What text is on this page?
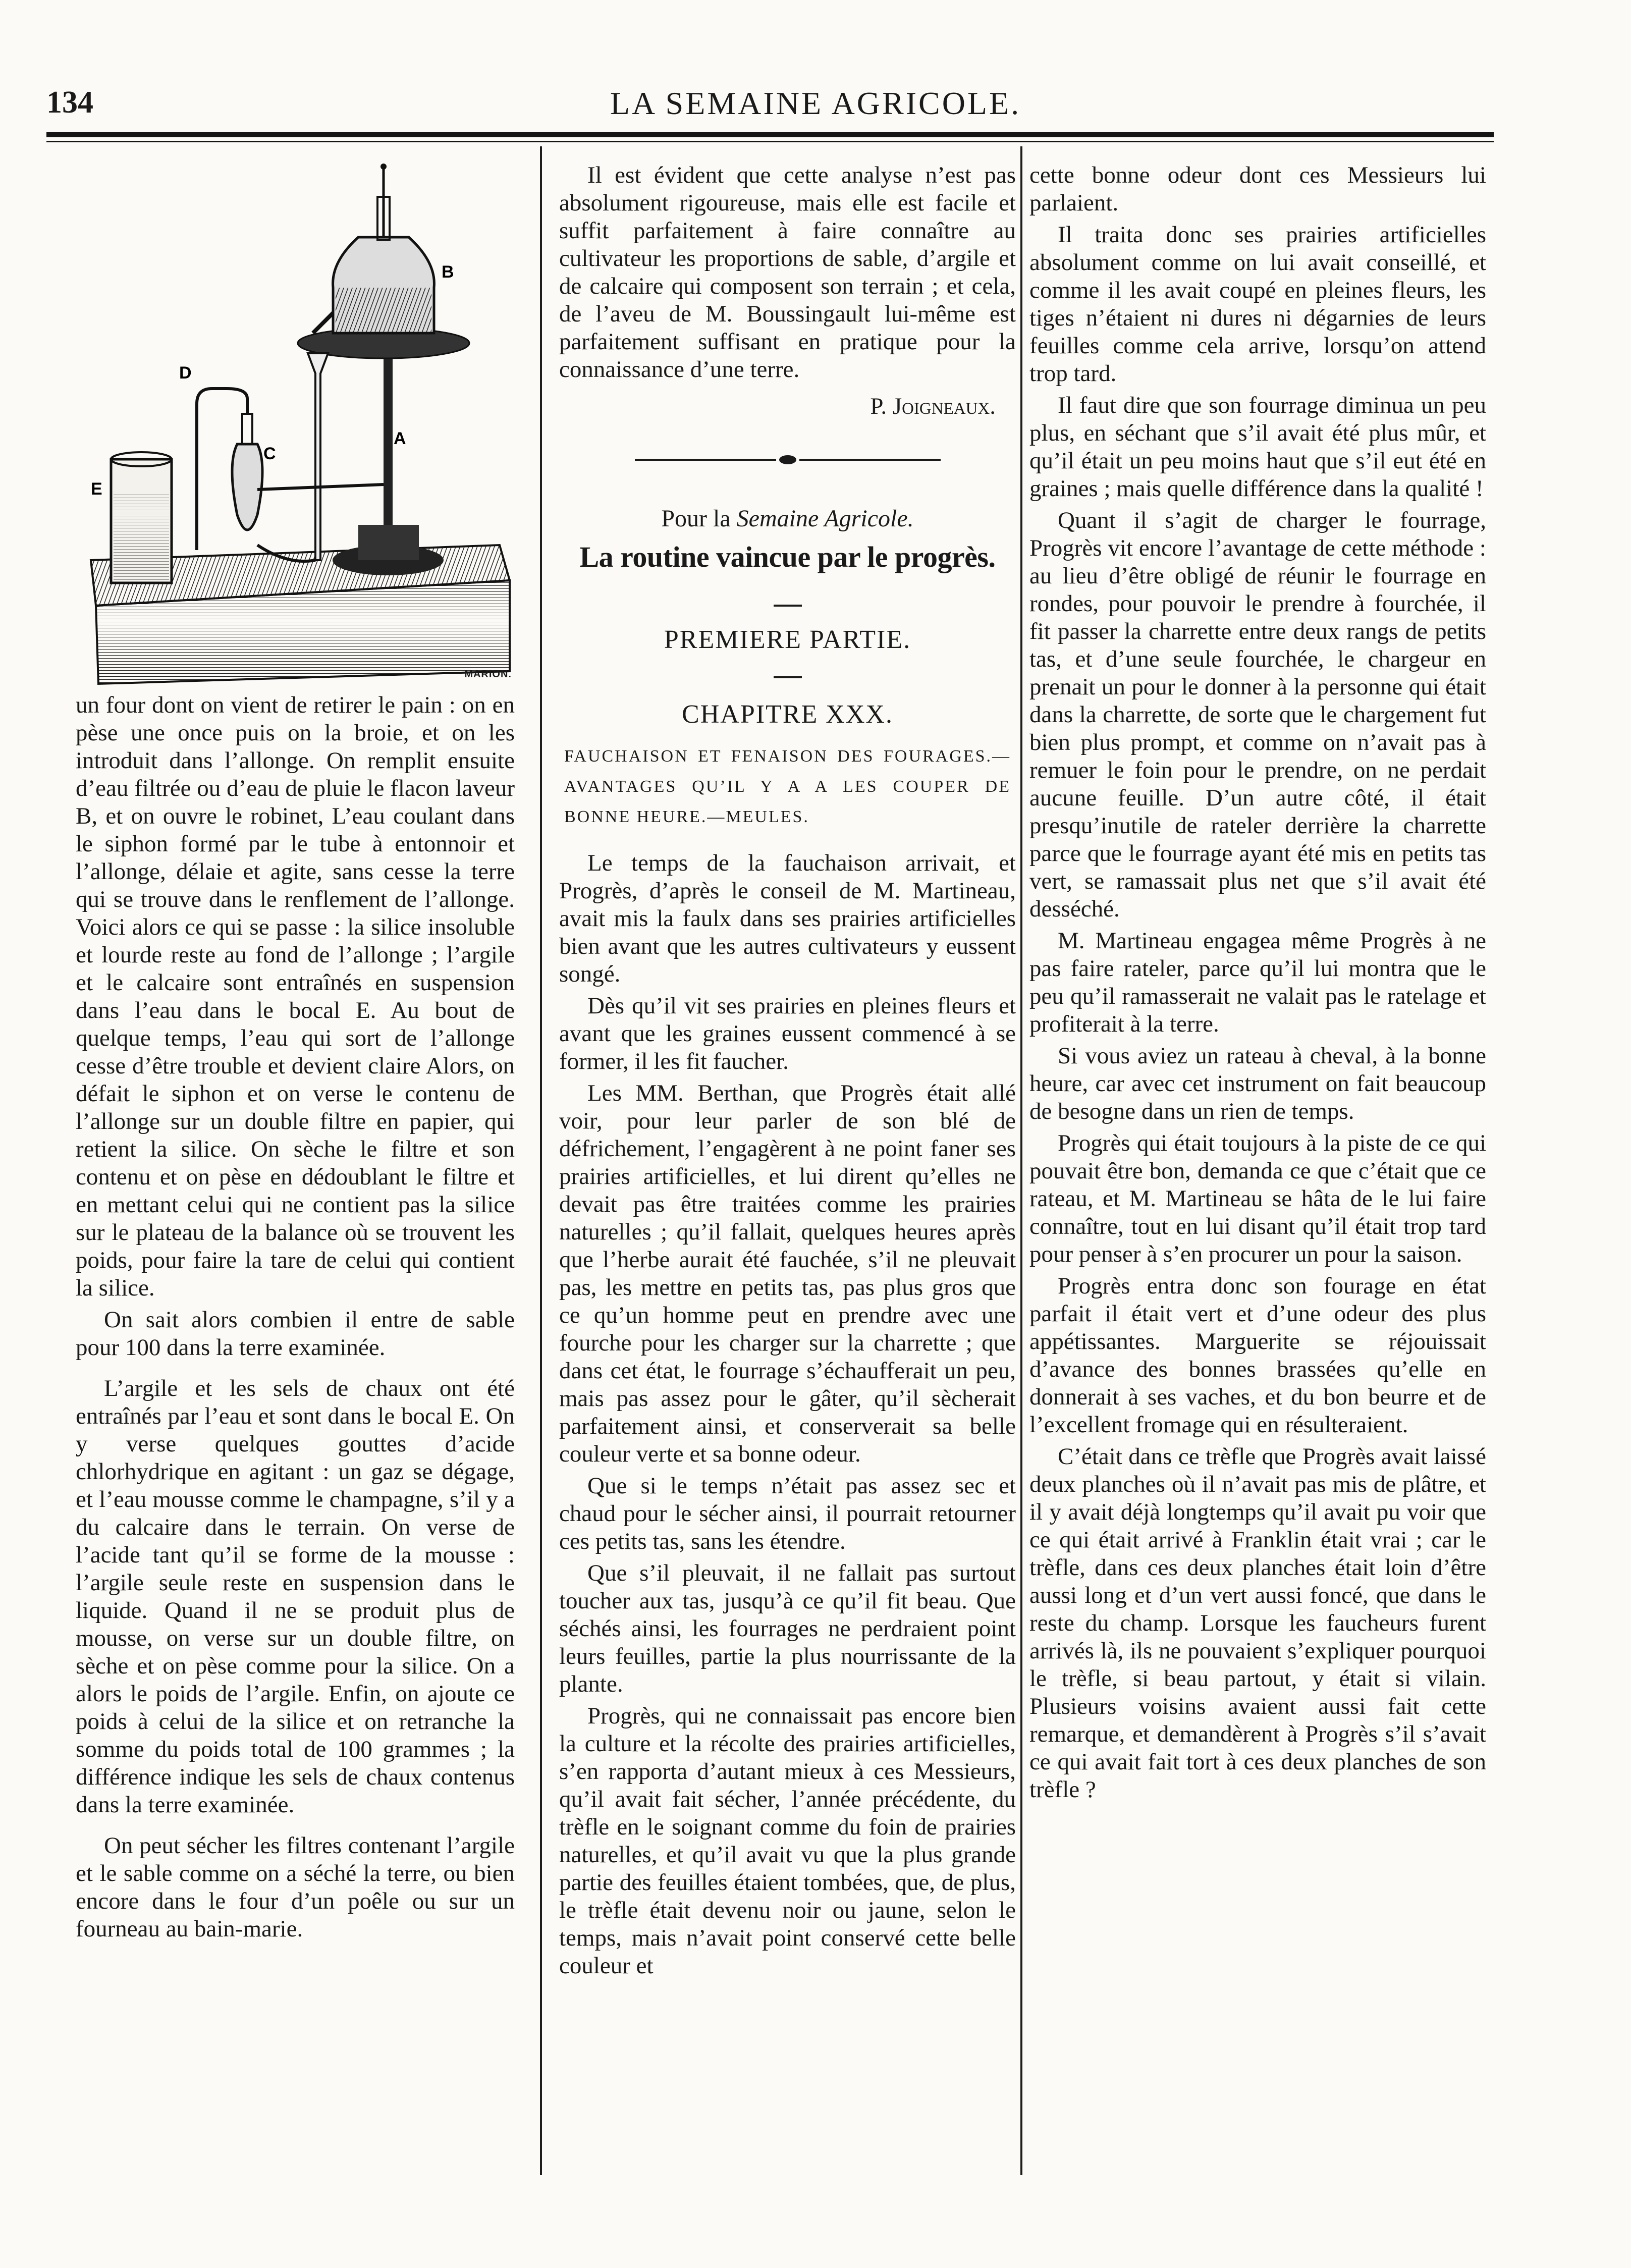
134	LA SEMAINE AGRICOLE.
B
D
C
A
E
MARION.

un four dont on vient de retirer le pain : on en pèse une once puis on la broie, et on les introduit dans l’allonge. On remplit ensuite d’eau filtrée ou d’eau de pluie le flacon laveur B, et on ouvre le robinet, L’eau coulant dans le siphon formé par le tube à entonnoir et l’allonge, délaie et agite, sans cesse la terre qui se trouve dans le renflement de l’allonge. Voici alors ce qui se passe : la silice insoluble et lourde reste au fond de l’allonge ; l’argile et le calcaire sont entraînés en suspension dans l’eau dans le bocal E. Au bout de quelque temps, l’eau qui sort de l’allonge cesse d’être trouble et devient claire Alors, on défait le siphon et on verse le contenu de l’allonge sur un double filtre en papier, qui retient la silice. On sèche le filtre et son contenu et on pèse en dédoublant le filtre et en mettant celui qui ne contient pas la silice sur le plateau de la balance où se trouvent les poids, pour faire la tare de celui qui contient la silice.

On sait alors combien il entre de sable pour 100 dans la terre examinée.

L’argile et les sels de chaux ont été entraînés par l’eau et sont dans le bocal E. On y verse quelques gouttes d’acide chlorhydrique en agitant : un gaz se dégage, et l’eau mousse comme le champagne, s’il y a du calcaire dans le terrain. On verse de l’acide tant qu’il se forme de la mousse : l’argile seule reste en suspension dans le liquide. Quand il ne se produit plus de mousse, on verse sur un double filtre, on sèche et on pèse comme pour la silice. On a alors le poids de l’argile. Enfin, on ajoute ce poids à celui de la silice et on retranche la somme du poids total de 100 grammes ; la différence indique les sels de chaux contenus dans la terre examinée.

On peut sécher les filtres contenant l’argile et le sable comme on a séché la terre, ou bien encore dans le four d’un poêle ou sur un fourneau au bain-marie.

Il est évident que cette analyse n’est pas absolument rigoureuse, mais elle est facile et suffit parfaitement à faire connaître au cultivateur les proportions de sable, d’argile et de calcaire qui composent son terrain ; et cela, de l’aveu de M. Boussingault lui-même est parfaitement suffisant en pratique pour la connaissance d’une terre.

P. Joigneaux.

Pour la Semaine Agricole.

La routine vaincue par le progrès.

PREMIERE PARTIE.

CHAPITRE XXX.

FAUCHAISON ET FENAISON DES FOURAGES.—AVANTAGES QU’IL Y A A LES COUPER DE BONNE HEURE.—MEULES.

Le temps de la fauchaison arrivait, et Progrès, d’après le conseil de M. Martineau, avait mis la faulx dans ses prairies artificielles bien avant que les autres cultivateurs y eussent songé.

Dès qu’il vit ses prairies en pleines fleurs et avant que les graines eussent commencé à se former, il les fit faucher.

Les MM. Berthan, que Progrès était allé voir, pour leur parler de son blé de défrichement, l’engagèrent à ne point faner ses prairies artificielles, et lui dirent qu’elles ne devait pas être traitées comme les prairies naturelles ; qu’il fallait, quelques heures après que l’herbe aurait été fauchée, s’il ne pleuvait pas, les mettre en petits tas, pas plus gros que ce qu’un homme peut en prendre avec une fourche pour les charger sur la charrette ; que dans cet état, le fourrage s’échaufferait un peu, mais pas assez pour le gâter, qu’il sècherait parfaitement ainsi, et conserverait sa belle couleur verte et sa bonne odeur.

Que si le temps n’était pas assez sec et chaud pour le sécher ainsi, il pourrait retourner ces petits tas, sans les étendre.

Que s’il pleuvait, il ne fallait pas surtout toucher aux tas, jusqu’à ce qu’il fit beau. Que séchés ainsi, les fourrages ne perdraient point leurs feuilles, partie la plus nourrissante de la plante.

Progrès, qui ne connaissait pas encore bien la culture et la récolte des prairies artificielles, s’en rapporta d’autant mieux à ces Messieurs, qu’il avait fait sécher, l’année précédente, du trèfle en le soignant comme du foin de prairies naturelles, et qu’il avait vu que la plus grande partie des feuilles étaient tombées, que, de plus, le trèfle était devenu noir ou jaune, selon le temps, mais n’avait point conservé cette belle couleur et

cette bonne odeur dont ces Messieurs lui parlaient.

Il traita donc ses prairies artificielles absolument comme on lui avait conseillé, et comme il les avait coupé en pleines fleurs, les tiges n’étaient ni dures ni dégarnies de leurs feuilles comme cela arrive, lorsqu’on attend trop tard.

Il faut dire que son fourrage diminua un peu plus, en séchant que s’il avait été plus mûr, et qu’il était un peu moins haut que s’il eut été en graines ; mais quelle différence dans la qualité !

Quant il s’agit de charger le fourrage, Progrès vit encore l’avantage de cette méthode : au lieu d’être obligé de réunir le fourrage en rondes, pour pouvoir le prendre à fourchée, il fit passer la charrette entre deux rangs de petits tas, et d’une seule fourchée, le chargeur en prenait un pour le donner à la personne qui était dans la charrette, de sorte que le chargement fut bien plus prompt, et comme on n’avait pas à remuer le foin pour le prendre, on ne perdait aucune feuille. D’un autre côté, il était presqu’inutile de rateler derrière la charrette parce que le fourrage ayant été mis en petits tas vert, se ramassait plus net que s’il avait été desséché.

M. Martineau engagea même Progrès à ne pas faire rateler, parce qu’il lui montra que le peu qu’il ramasserait ne valait pas le ratelage et profiterait à la terre.

Si vous aviez un rateau à cheval, à la bonne heure, car avec cet instrument on fait beaucoup de besogne dans un rien de temps.

Progrès qui était toujours à la piste de ce qui pouvait être bon, demanda ce que c’était que ce rateau, et M. Martineau se hâta de le lui faire connaître, tout en lui disant qu’il était trop tard pour penser à s’en procurer un pour la saison.

Progrès entra donc son fourage en état parfait il était vert et d’une odeur des plus appétissantes. Marguerite se réjouissait d’avance des bonnes brassées qu’elle en donnerait à ses vaches, et du bon beurre et de l’excellent fromage qui en résulteraient.

C’était dans ce trèfle que Progrès avait laissé deux planches où il n’avait pas mis de plâtre, et il y avait déjà longtemps qu’il avait pu voir que ce qui était arrivé à Franklin était vrai ; car le trèfle, dans ces deux planches était loin d’être aussi long et d’un vert aussi foncé, que dans le reste du champ. Lorsque les faucheurs furent arrivés là, ils ne pouvaient s’expliquer pourquoi le trèfle, si beau partout, y était si vilain. Plusieurs voisins avaient aussi fait cette remarque, et demandèrent à Progrès s’il s’avait ce qui avait fait tort à ces deux planches de son trèfle ?
